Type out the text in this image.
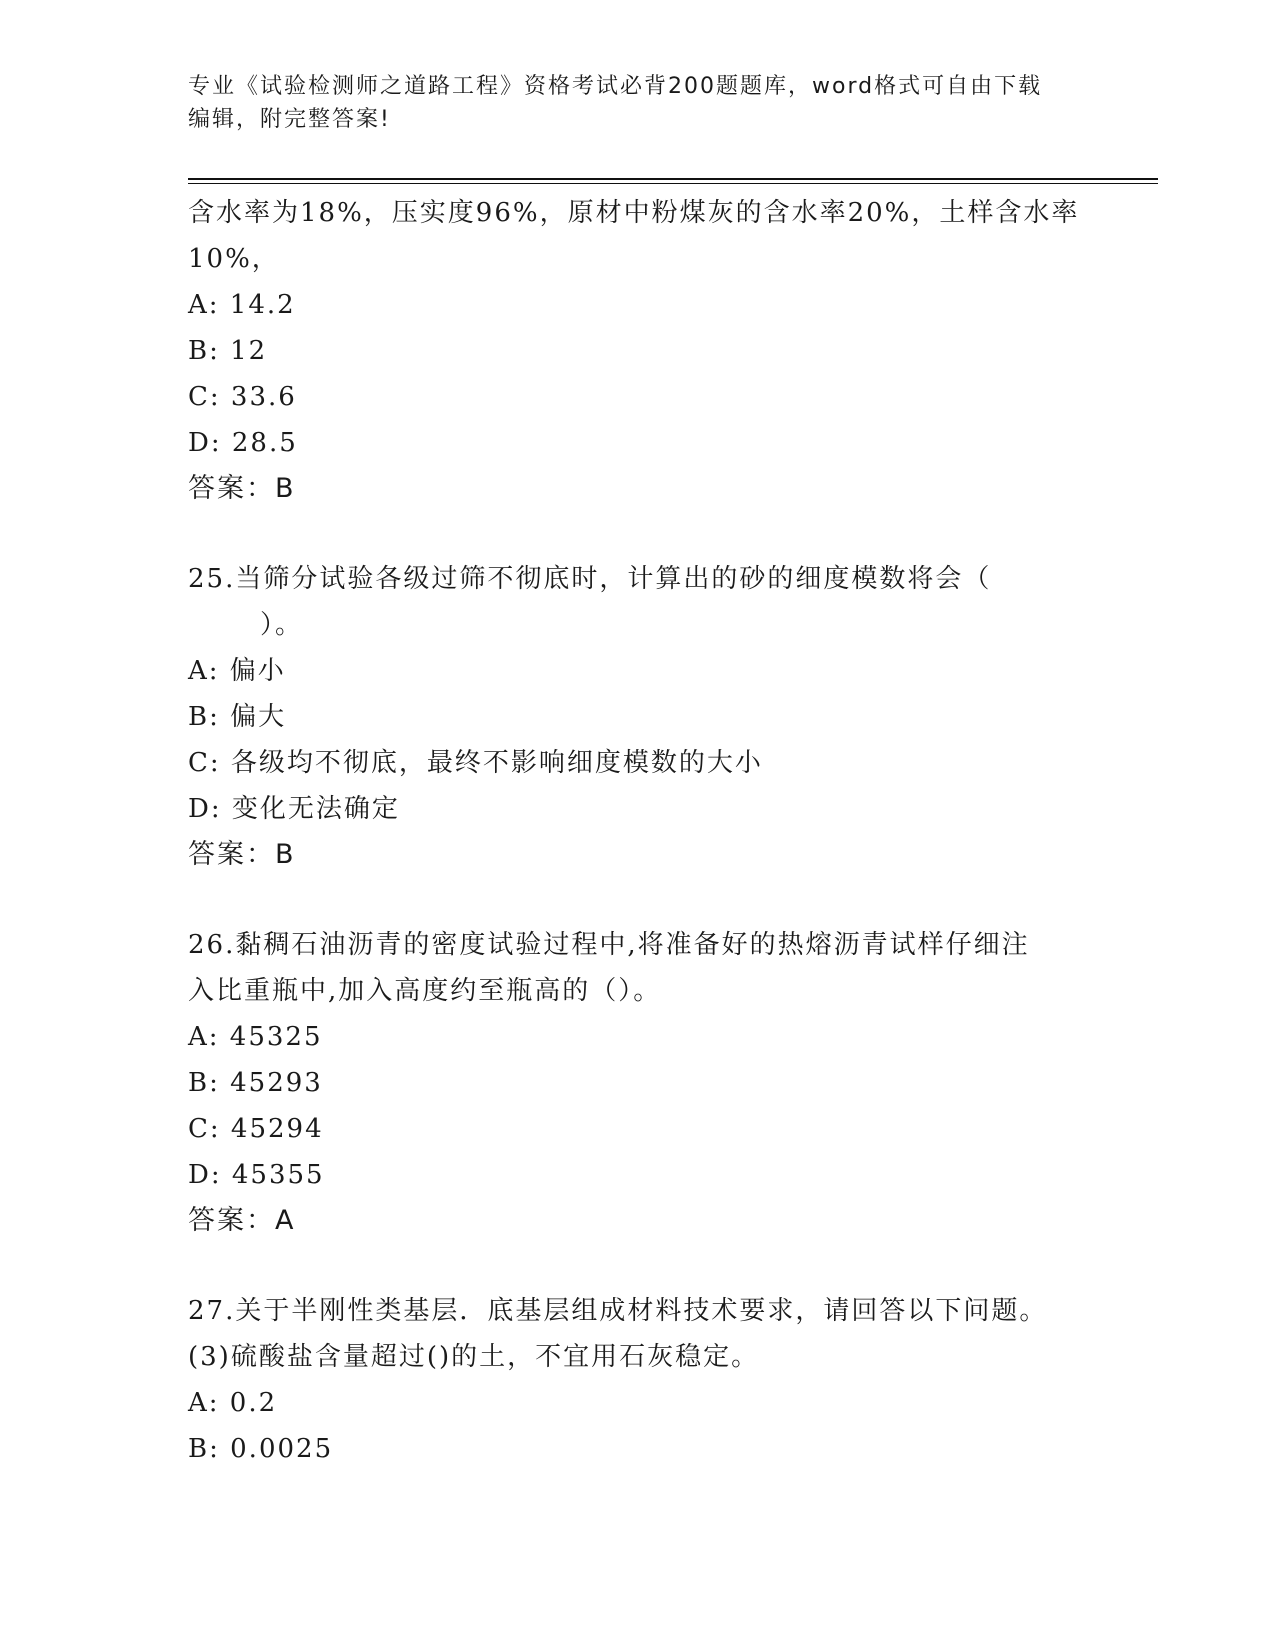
专业《试验检测师之道路工程》资格考试必背200题题库，word格式可自由下载
编辑，附完整答案!
含水率为18%，压实度96%，原材中粉煤灰的含水率20%，土样含水率
10%，
A: 14.2
B: 12
C: 33.6
D: 28.5
答案：B
25.当筛分试验各级过筛不彻底时，计算出的砂的细度模数将会（
）。
A: 偏小
B: 偏大
C: 各级均不彻底，最终不影响细度模数的大小
D: 变化无法确定
答案：B
26.黏稠石油沥青的密度试验过程中,将准备好的热熔沥青试样仔细注
入比重瓶中,加入高度约至瓶高的（）。
A: 45325
B: 45293
C: 45294
D: 45355
答案：A
27.关于半刚性类基层．底基层组成材料技术要求，请回答以下问题。
(3)硫酸盐含量超过()的土，不宜用石灰稳定。
A: 0.2
B: 0.0025
